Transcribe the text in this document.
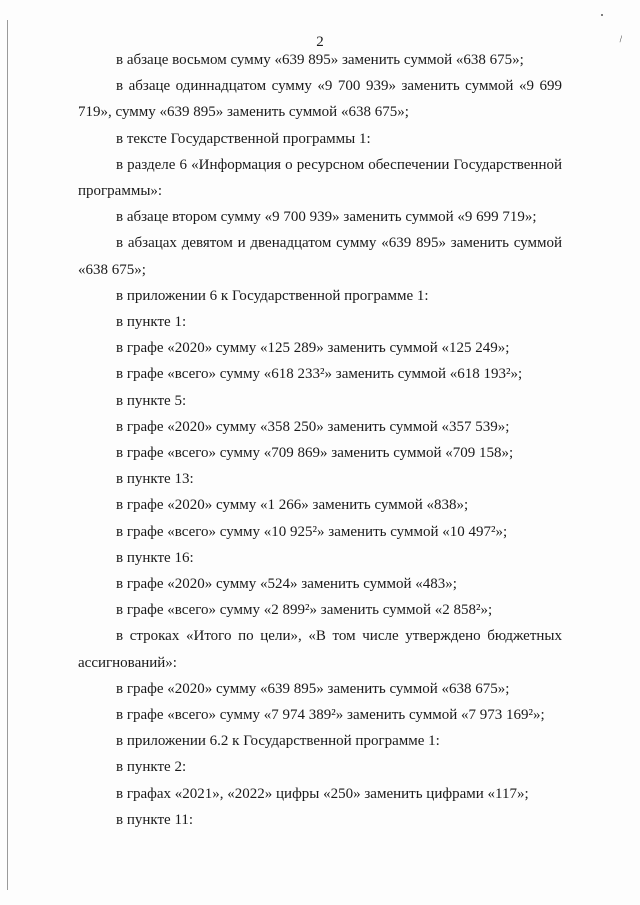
\
2

в абзаце восьмом сумму «639 895» заменить суммой «638 675»;

в абзаце одиннадцатом сумму «9 700 939» заменить суммой «9 699 719», сумму «639 895» заменить суммой «638 675»;

в тексте Государственной программы 1:

в разделе 6 «Информация о ресурсном обеспечении Государственной программы»:

в абзаце втором сумму «9 700 939» заменить суммой «9 699 719»;

в абзацах девятом и двенадцатом сумму «639 895» заменить суммой «638 675»;

в приложении 6 к Государственной программе 1:

в пункте 1:

в графе «2020» сумму «125 289» заменить суммой «125 249»;

в графе «всего» сумму «618 233²» заменить суммой «618 193²»;

в пункте 5:

в графе «2020» сумму «358 250» заменить суммой «357 539»;

в графе «всего» сумму «709 869» заменить суммой «709 158»;

в пункте 13:

в графе «2020» сумму «1 266» заменить суммой «838»;

в графе «всего» сумму «10 925²» заменить суммой «10 497²»;

в пункте 16:

в графе «2020» сумму «524» заменить суммой «483»;

в графе «всего» сумму «2 899²» заменить суммой «2 858²»;

в строках «Итого по цели», «В том числе утверждено бюджетных ассигнований»:

в графе «2020» сумму «639 895» заменить суммой «638 675»;

в графе «всего» сумму «7 974 389²» заменить суммой «7 973 169²»;

в приложении 6.2 к Государственной программе 1:

в пункте 2:

в графах «2021», «2022» цифры «250» заменить цифрами «117»;

в пункте 11:
